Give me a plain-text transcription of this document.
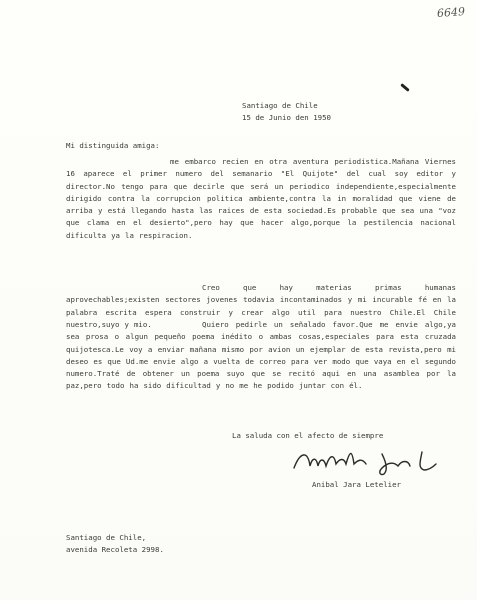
6649
Santiago de Chile
15 de Junio den 1950
Mi distinguida amiga:
me embarco recien en otra aventura periodistica.Mañana Viernes 16 aparece el primer numero del semanario "El Quijote" del cual soy editor y director.No tengo para que decirle que será un periodico independiente,especialmente dirigido contra la corrupcion politica ambiente,contra la in moralidad que viene de arriba y está llegando hasta las raices de esta sociedad.Es probable que sea una "voz que clama en el desierto",pero hay que hacer algo,porque la pestilencia nacional dificulta ya la respiracion.
Creo que hay materias primas humanas aprovechables;existen sectores jovenes todavia incontaminados y mi incurable fé en la palabra escrita espera construir y crear algo util para nuestro Chile.El Chile nuestro,suyo y mio.	Quiero pedirle un señalado favor.Que me envie algo,ya sea prosa o algun pequeño poema inédito o ambas cosas,especiales para esta cruzada quijotesca.Le voy a enviar mañana mismo por avion un ejemplar de esta revista,pero mi deseo es que Ud.me envie algo a vuelta de correo para ver modo que vaya en el segundo numero.Traté de obtener un poema suyo que se recitó aqui en una asamblea por la paz,pero todo ha sido dificultad y no me he podido juntar con él.
La saluda con el afecto de siempre
Anibal Jara Letelier
Santiago de Chile,
avenida Recoleta 2998.
